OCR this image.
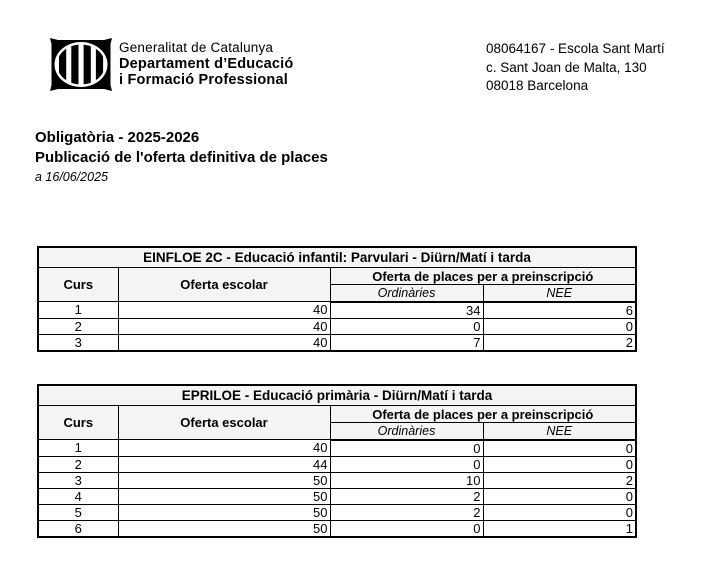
Generalitat de Catalunya
Departament d’Educació
i Formació Professional
08064167 - Escola Sant Martí
c. Sant Joan de Malta, 130
08018 Barcelona
Obligatòria - 2025-2026
Publicació de l'oferta definitiva de places
a 16/06/2025
EINFLOE 2C - Educació infantil: Parvulari - Diürn/Matí i tarda			
Curs	Oferta escolar	Oferta de places per a preinscripció	
		Ordinàries	NEE
1	40	34	6
2	40	0	0
3	40	7	2
EPRILOE - Educació primària - Diürn/Matí i tarda			
Curs	Oferta escolar	Oferta de places per a preinscripció	
		Ordinàries	NEE
1	40	0	0
2	44	0	0
3	50	10	2
4	50	2	0
5	50	2	0
6	50	0	1
